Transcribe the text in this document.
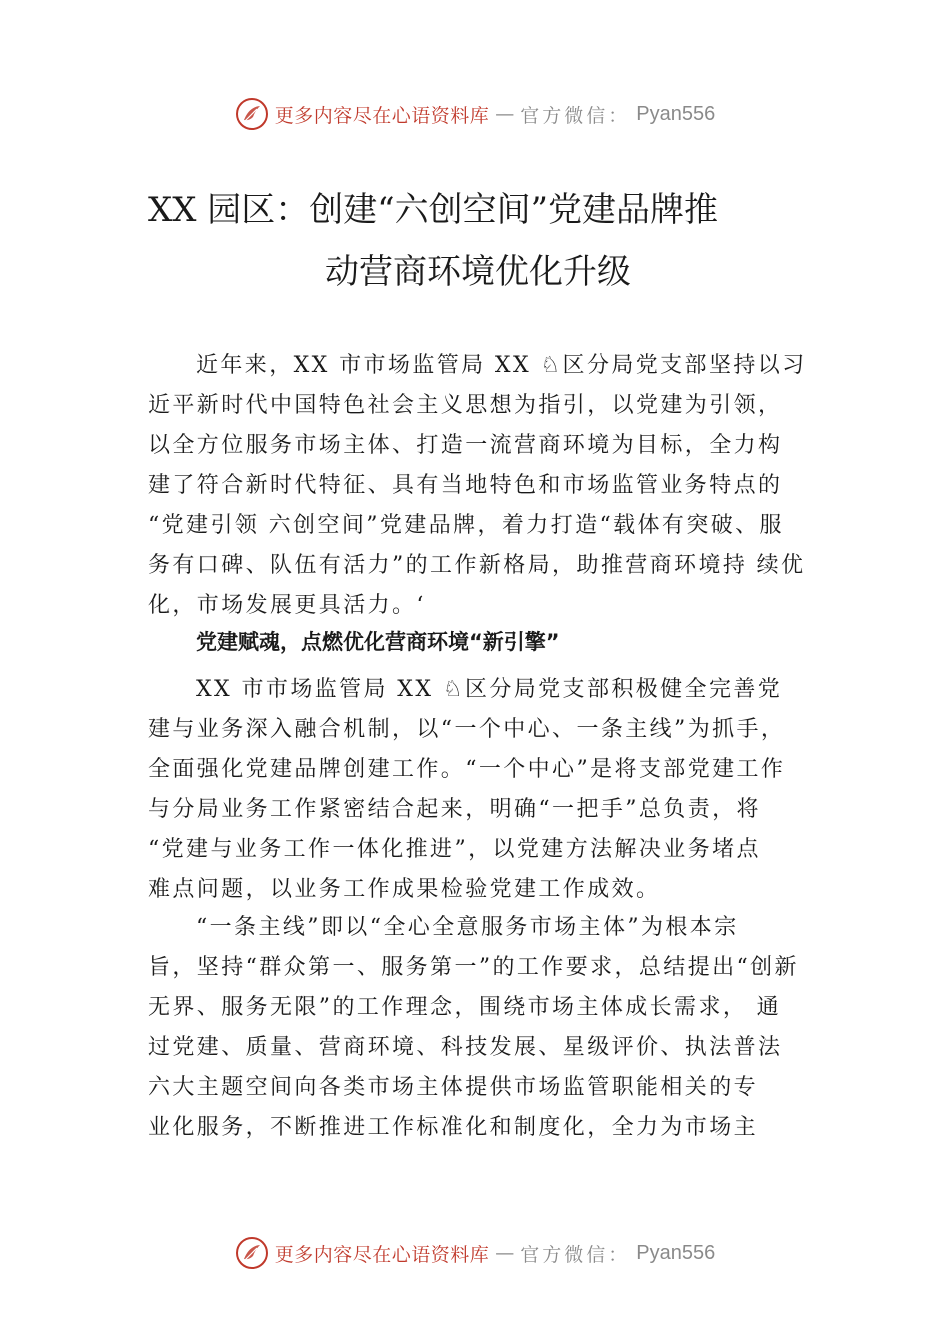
更多内容尽在心语资料库 — 官方微信： Pyan556
XX 园区：创建“六创空间”党建品牌推
动营商环境优化升级
近年来，XX 市市场监管局 XX ♘区分局党支部坚持以习
近平新时代中国特色社会主义思想为指引，以党建为引领，
以全方位服务市场主体、打造一流营商环境为目标，全力构
建了符合新时代特征、具有当地特色和市场监管业务特点的
“党建引领 六创空间”党建品牌，着力打造“载体有突破、服
务有口碑、队伍有活力”的工作新格局，助推营商环境持 续优
化，市场发展更具活力。‘
党建赋魂，点燃优化营商环境“新引擎”
XX 市市场监管局 XX ♘区分局党支部积极健全完善党
建与业务深入融合机制，以“一个中心、一条主线”为抓手，
全面强化党建品牌创建工作。“一个中心”是将支部党建工作
与分局业务工作紧密结合起来，明确“一把手”总负责，将
“党建与业务工作一体化推进”，以党建方法解决业务堵点
难点问题，以业务工作成果检验党建工作成效。
“一条主线”即以“全心全意服务市场主体”为根本宗
旨，坚持“群众第一、服务第一”的工作要求，总结提出“创新
无界、服务无限”的工作理念，围绕市场主体成长需求， 通
过党建、质量、营商环境、科技发展、星级评价、执法普法
六大主题空间向各类市场主体提供市场监管职能相关的专
业化服务，不断推进工作标准化和制度化，全力为市场主
更多内容尽在心语资料库 — 官方微信： Pyan556
